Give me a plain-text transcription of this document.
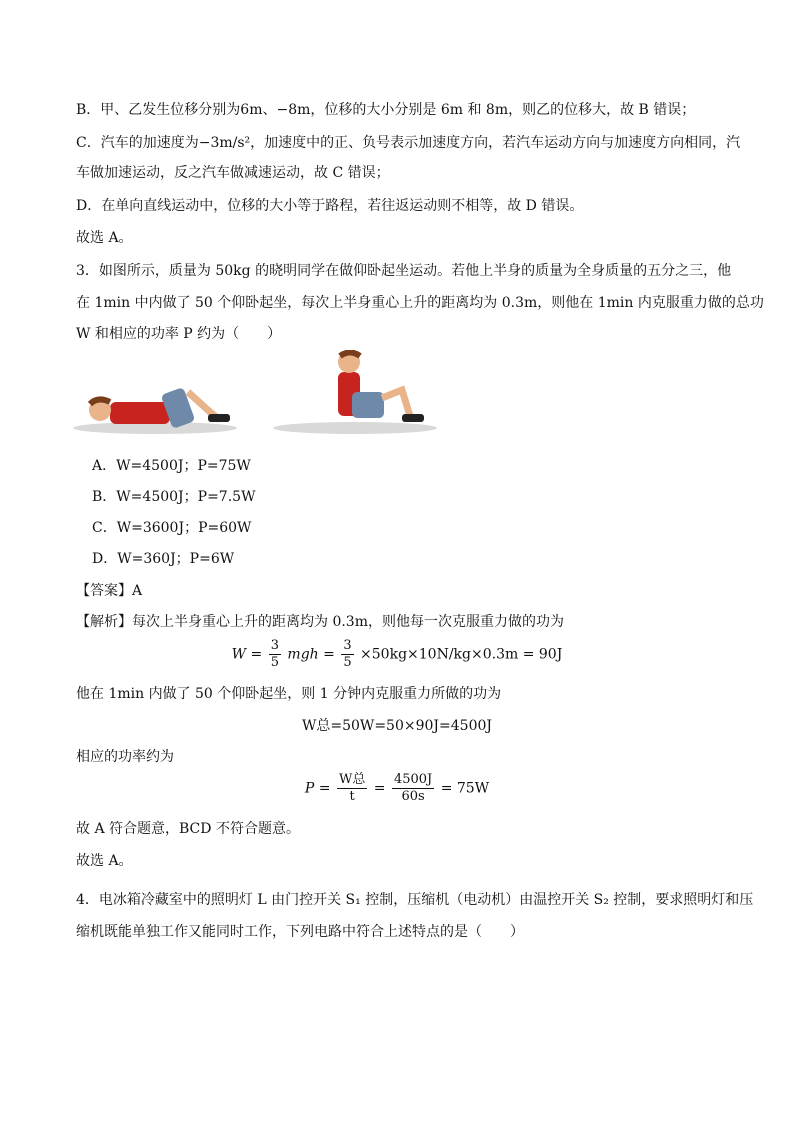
B．甲、乙发生位移分别为6m、−8m，位移的大小分别是 6m 和 8m，则乙的位移大，故 B 错误；
C．汽车的加速度为−3m/s²，加速度中的正、负号表示加速度方向，若汽车运动方向与加速度方向相同，汽
车做加速运动，反之汽车做减速运动，故 C 错误；
D．在单向直线运动中，位移的大小等于路程，若往返运动则不相等，故 D 错误。
故选 A。
3．如图所示，质量为 50kg 的晓明同学在做仰卧起坐运动。若他上半身的质量为全身质量的五分之三，他
在 1min 中内做了 50 个仰卧起坐，每次上半身重心上升的距离均为 0.3m，则他在 1min 内克服重力做的总功
W 和相应的功率 P 约为（　　）
A．W=4500J；P=75W
B．W=4500J；P=7.5W
C．W=3600J；P=60W
D．W=360J；P=6W
【答案】A
【解析】每次上半身重心上升的距离均为 0.3m，则他每一次克服重力做的功为
$W = \frac{3}{5}$ mgh = $\frac{3}{5} \times 50kg\times 10N/kg\times 0.3m = 90J$
他在 1min 内做了 50 个仰卧起坐，则 1 分钟内克服重力所做的功为
W总=50W=50×90J=4500J
相应的功率约为
$P = \frac{\text{W总}}{t} = \frac{4500J}{60s} = 75W$
故 A 符合题意，BCD 不符合题意。
故选 A。
4．电冰箱冷藏室中的照明灯 L 由门控开关 S₁ 控制，压缩机（电动机）由温控开关 S₂ 控制，要求照明灯和压
缩机既能单独工作又能同时工作，下列电路中符合上述特点的是（　　）
